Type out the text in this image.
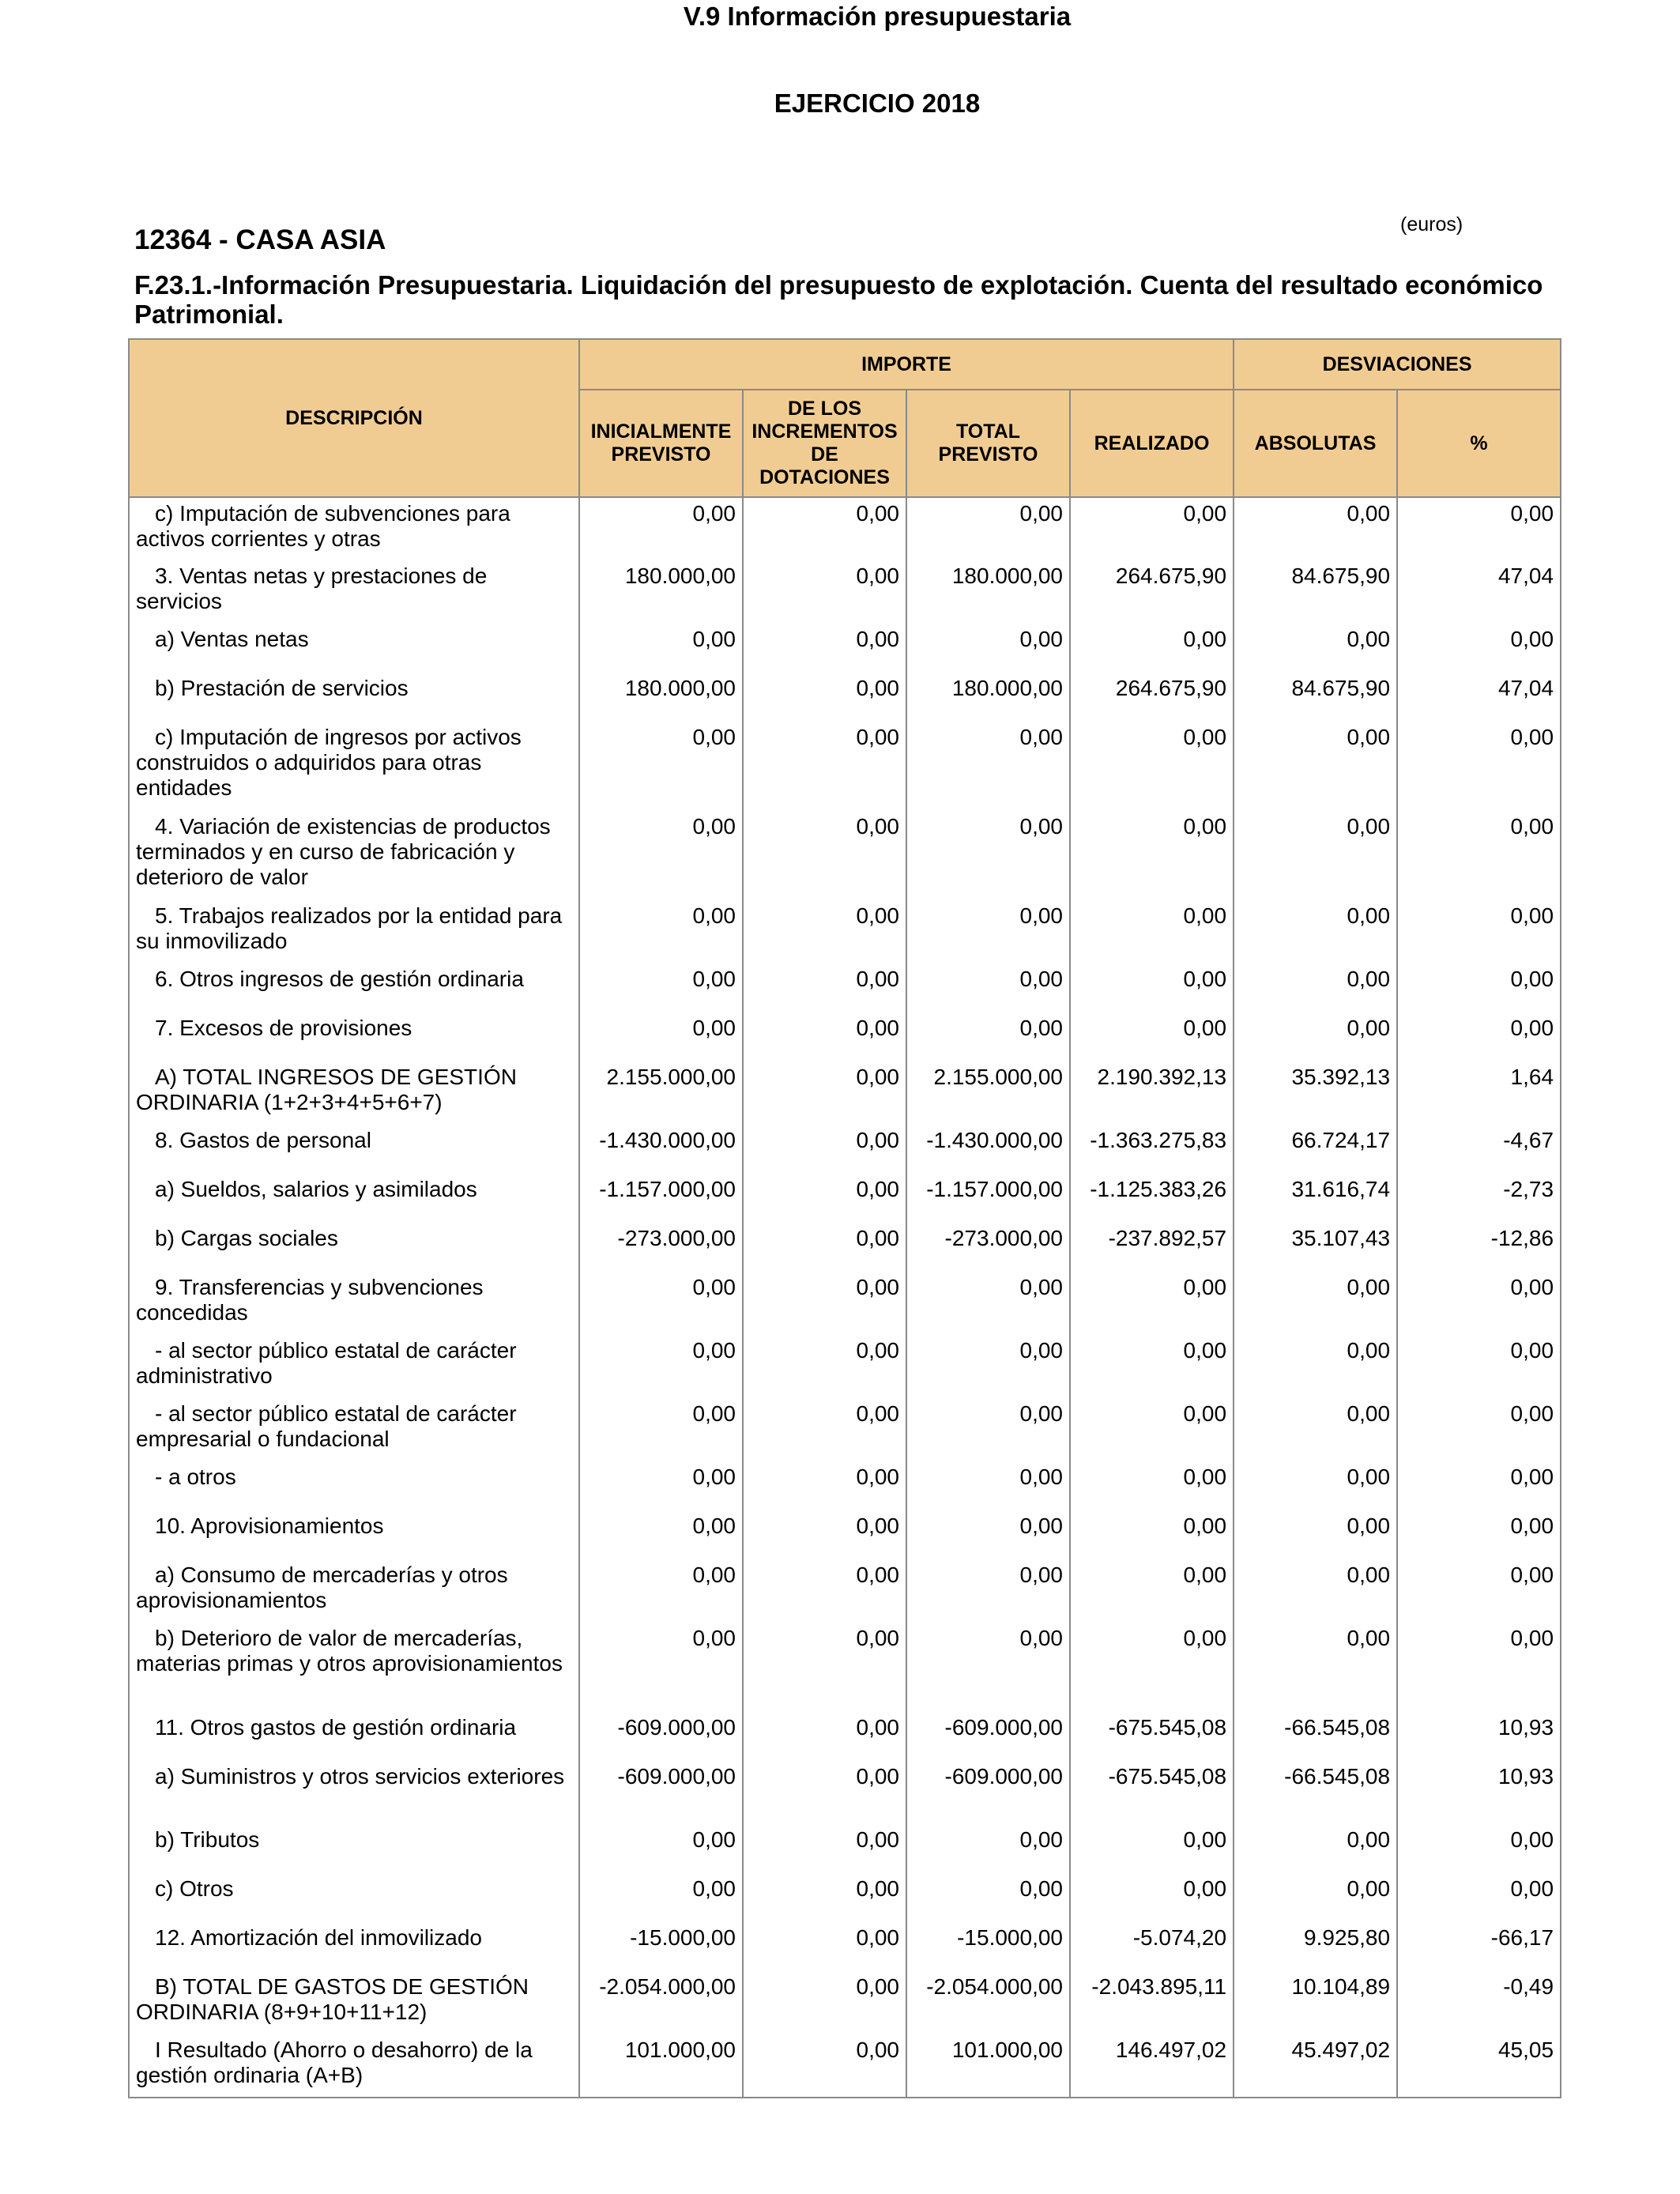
V.9 Información presupuestaria
EJERCICIO 2018
(euros)
12364 - CASA ASIA
F.23.1.-Información Presupuestaria. Liquidación del presupuesto de explotación. Cuenta del resultado económico Patrimonial.
DESCRIPCIÓN	IMPORTE				DESVIACIONES	
	INICIALMENTE PREVISTO	DE LOS INCREMENTOS DE DOTACIONES	TOTAL PREVISTO	REALIZADO	ABSOLUTAS	%
c) Imputación de subvenciones para activos corrientes y otras	0,00	0,00	0,00	0,00	0,00	0,00
3. Ventas netas y prestaciones de servicios	180.000,00	0,00	180.000,00	264.675,90	84.675,90	47,04
a) Ventas netas	0,00	0,00	0,00	0,00	0,00	0,00
b) Prestación de servicios	180.000,00	0,00	180.000,00	264.675,90	84.675,90	47,04
c) Imputación de ingresos por activos construidos o adquiridos para otras entidades	0,00	0,00	0,00	0,00	0,00	0,00
4. Variación de existencias de productos terminados y en curso de fabricación y deterioro de valor	0,00	0,00	0,00	0,00	0,00	0,00
5. Trabajos realizados por la entidad para su inmovilizado	0,00	0,00	0,00	0,00	0,00	0,00
6. Otros ingresos de gestión ordinaria	0,00	0,00	0,00	0,00	0,00	0,00
7. Excesos de provisiones	0,00	0,00	0,00	0,00	0,00	0,00
A) TOTAL INGRESOS DE GESTIÓN ORDINARIA (1+2+3+4+5+6+7)	2.155.000,00	0,00	2.155.000,00	2.190.392,13	35.392,13	1,64
8. Gastos de personal	-1.430.000,00	0,00	-1.430.000,00	-1.363.275,83	66.724,17	-4,67
a) Sueldos, salarios y asimilados	-1.157.000,00	0,00	-1.157.000,00	-1.125.383,26	31.616,74	-2,73
b) Cargas sociales	-273.000,00	0,00	-273.000,00	-237.892,57	35.107,43	-12,86
9. Transferencias y subvenciones concedidas	0,00	0,00	0,00	0,00	0,00	0,00
- al sector público estatal de carácter administrativo	0,00	0,00	0,00	0,00	0,00	0,00
- al sector público estatal de carácter empresarial o fundacional	0,00	0,00	0,00	0,00	0,00	0,00
- a otros	0,00	0,00	0,00	0,00	0,00	0,00
10. Aprovisionamientos	0,00	0,00	0,00	0,00	0,00	0,00
a) Consumo de mercaderías y otros aprovisionamientos	0,00	0,00	0,00	0,00	0,00	0,00
b) Deterioro de valor de mercaderías, materias primas y otros aprovisionamientos	0,00	0,00	0,00	0,00	0,00	0,00
11. Otros gastos de gestión ordinaria	-609.000,00	0,00	-609.000,00	-675.545,08	-66.545,08	10,93
a) Suministros y otros servicios exteriores	-609.000,00	0,00	-609.000,00	-675.545,08	-66.545,08	10,93
b) Tributos	0,00	0,00	0,00	0,00	0,00	0,00
c) Otros	0,00	0,00	0,00	0,00	0,00	0,00
12. Amortización del inmovilizado	-15.000,00	0,00	-15.000,00	-5.074,20	9.925,80	-66,17
B) TOTAL DE GASTOS DE GESTIÓN ORDINARIA (8+9+10+11+12)	-2.054.000,00	0,00	-2.054.000,00	-2.043.895,11	10.104,89	-0,49
I Resultado (Ahorro o desahorro) de la gestión ordinaria (A+B)	101.000,00	0,00	101.000,00	146.497,02	45.497,02	45,05
